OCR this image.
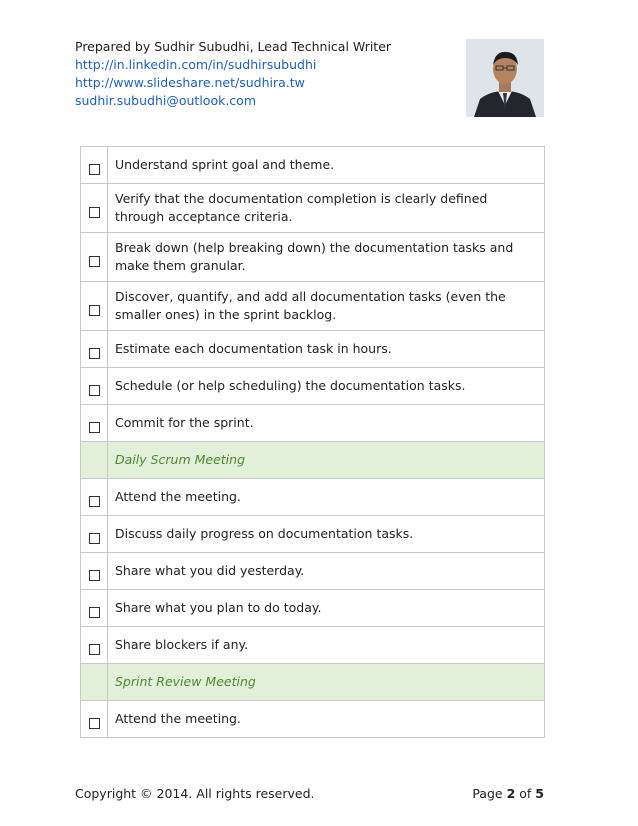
Prepared by Sudhir Subudhi, Lead Technical Writer
http://in.linkedin.com/in/sudhirsubudhi
http://www.slideshare.net/sudhira.tw
sudhir.subudhi@outlook.com
	Understand sprint goal and theme.
	Verify that the documentation completion is clearly defined through acceptance criteria.
	Break down (help breaking down) the documentation tasks and make them granular.
	Discover, quantify, and add all documentation tasks (even the smaller ones) in the sprint backlog.
	Estimate each documentation task in hours.
	Schedule (or help scheduling) the documentation tasks.
	Commit for the sprint.
	Daily Scrum Meeting
	Attend the meeting.
	Discuss daily progress on documentation tasks.
	Share what you did yesterday.
	Share what you plan to do today.
	Share blockers if any.
	Sprint Review Meeting
	Attend the meeting.
Copyright © 2014. All rights reserved.	Page 2 of 5
